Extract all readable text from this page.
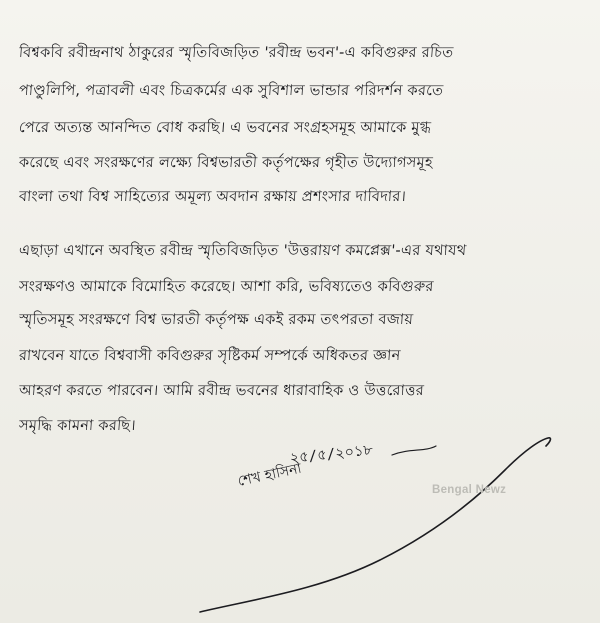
বিশ্বকবি রবীন্দ্রনাথ ঠাকুরের স্মৃতিবিজড়িত 'রবীন্দ্র ভবন'-এ কবিগুরুর রচিত
পাণ্ডুলিপি, পত্রাবলী এবং চিত্রকর্মের এক সুবিশাল ভান্ডার পরিদর্শন করতে
পেরে অত্যন্ত আনন্দিত বোধ করছি। এ ভবনের সংগ্রহসমূহ আমাকে মুগ্ধ
করেছে এবং সংরক্ষণের লক্ষ্যে বিশ্বভারতী কর্তৃপক্ষের গৃহীত উদ্যোগসমূহ
বাংলা তথা বিশ্ব সাহিত্যের অমূল্য অবদান রক্ষায় প্রশংসার দাবিদার।
এছাড়া এখানে অবস্থিত রবীন্দ্র স্মৃতিবিজড়িত 'উত্তরায়ণ কমপ্লেক্স'-এর যথাযথ
সংরক্ষণও আমাকে বিমোহিত করেছে। আশা করি, ভবিষ্যতেও কবিগুরুর
স্মৃতিসমূহ সংরক্ষণে বিশ্ব ভারতী কর্তৃপক্ষ একই রকম তৎপরতা বজায়
রাখবেন যাতে বিশ্ববাসী কবিগুরুর সৃষ্টিকর্ম সম্পর্কে অধিকতর জ্ঞান
আহরণ করতে পারবেন। আমি রবীন্দ্র ভবনের ধারাবাহিক ও উত্তরোত্তর
সমৃদ্ধি কামনা করছি।
শেখ হাসিনা
২৫/৫/২০১৮
Bengal Newz
